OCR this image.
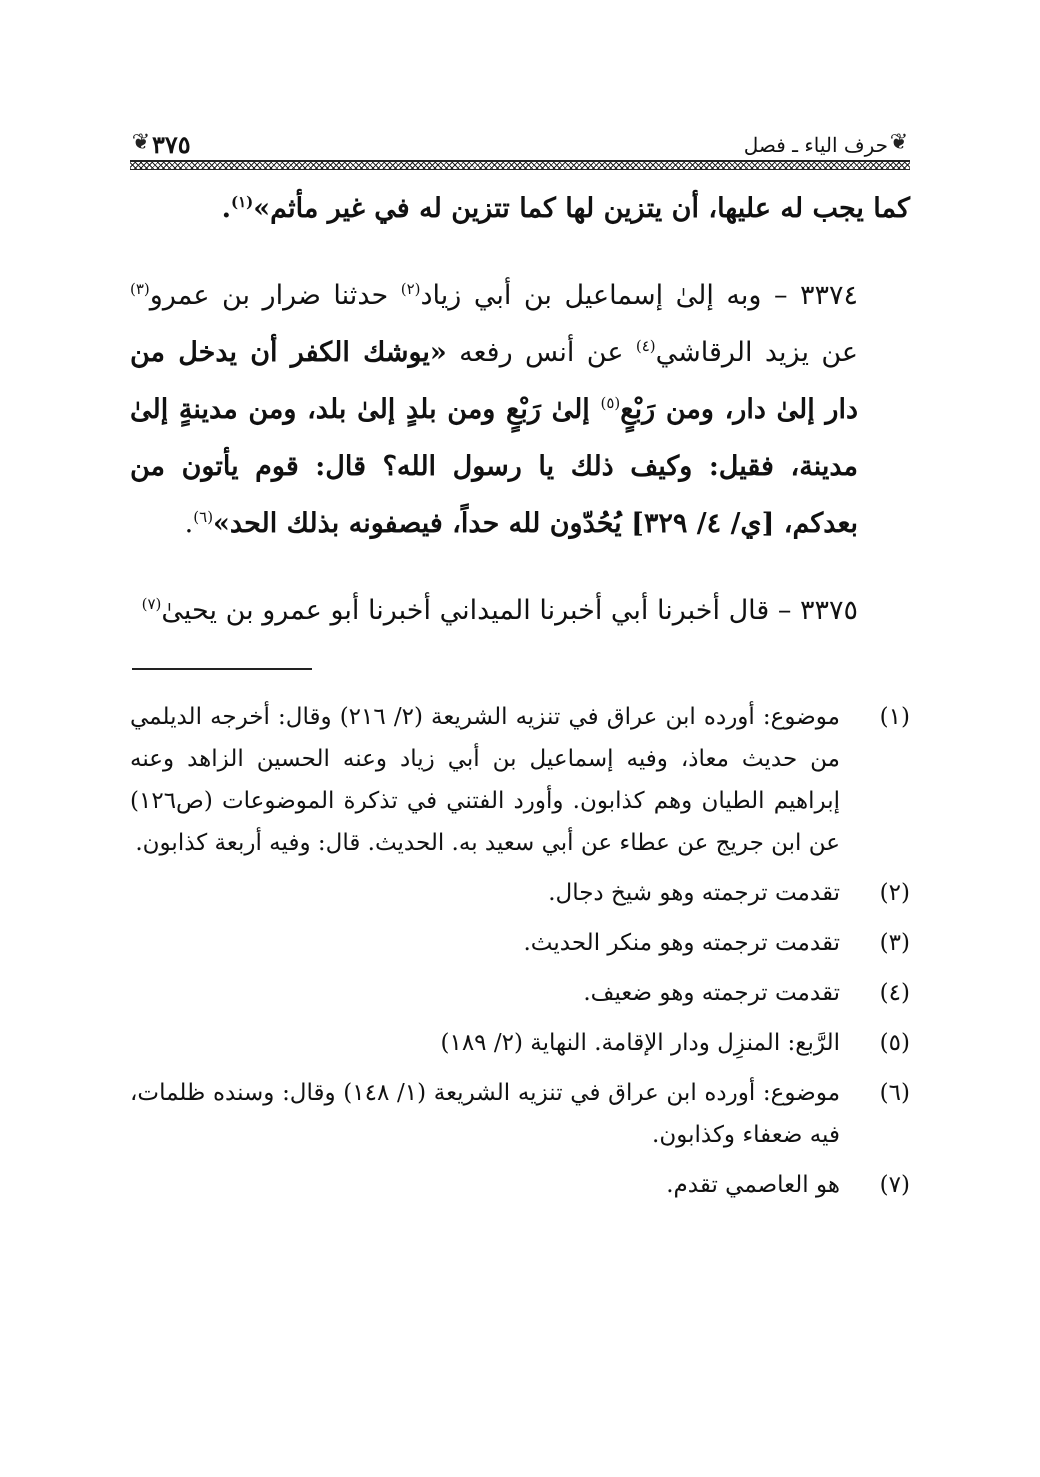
❦ ٣٧٥	حرف الياء ـ فصل ❦

كما يجب له عليها، أن يتزين لها كما تتزين له في غير مأثم»$^{(١)}$.

٣٣٧٤ – وبه إلىٰ إسماعيل بن أبي زياد$^{(٢)}$ حدثنا ضرار بن عمرو$^{(٣)}$ عن يزيد الرقاشي$^{(٤)}$ عن أنس رفعه «يوشك الكفر أن يدخل من دار إلىٰ دار، ومن رَبْعٍ$^{(٥)}$ إلىٰ رَبْعٍ ومن بلدٍ إلىٰ بلد، ومن مدينةٍ إلىٰ مدينة، فقيل: وكيف ذلك يا رسول الله؟ قال: قوم يأتون من بعدكم، [ي/ ٤/ ٣٢٩] يُحُدّون لله حداً، فيصفونه بذلك الحد»$^{(٦)}$.

٣٣٧٥ – قال أخبرنا أبي أخبرنا الميداني أخبرنا أبو عمرو بن يحيىٰ$^{(٧)}$

(١)
موضوع: أورده ابن عراق في تنزيه الشريعة (٢/ ٢١٦) وقال: أخرجه الديلمي من حديث معاذ، وفيه إسماعيل بن أبي زياد وعنه الحسين الزاهد وعنه إبراهيم الطيان وهم كذابون. وأورد الفتني في تذكرة الموضوعات (ص١٢٦) عن ابن جريج عن عطاء عن أبي سعيد به. الحديث. قال: وفيه أربعة كذابون.
(٢)
تقدمت ترجمته وهو شيخ دجال.
(٣)
تقدمت ترجمته وهو منكر الحديث.
(٤)
تقدمت ترجمته وهو ضعيف.
(٥)
الرَّبع: المنزِل ودار الإقامة. النهاية (٢/ ١٨٩)
(٦)
موضوع: أورده ابن عراق في تنزيه الشريعة (١/ ١٤٨) وقال: وسنده ظلمات، فيه ضعفاء وكذابون.
(٧)
هو العاصمي تقدم.
